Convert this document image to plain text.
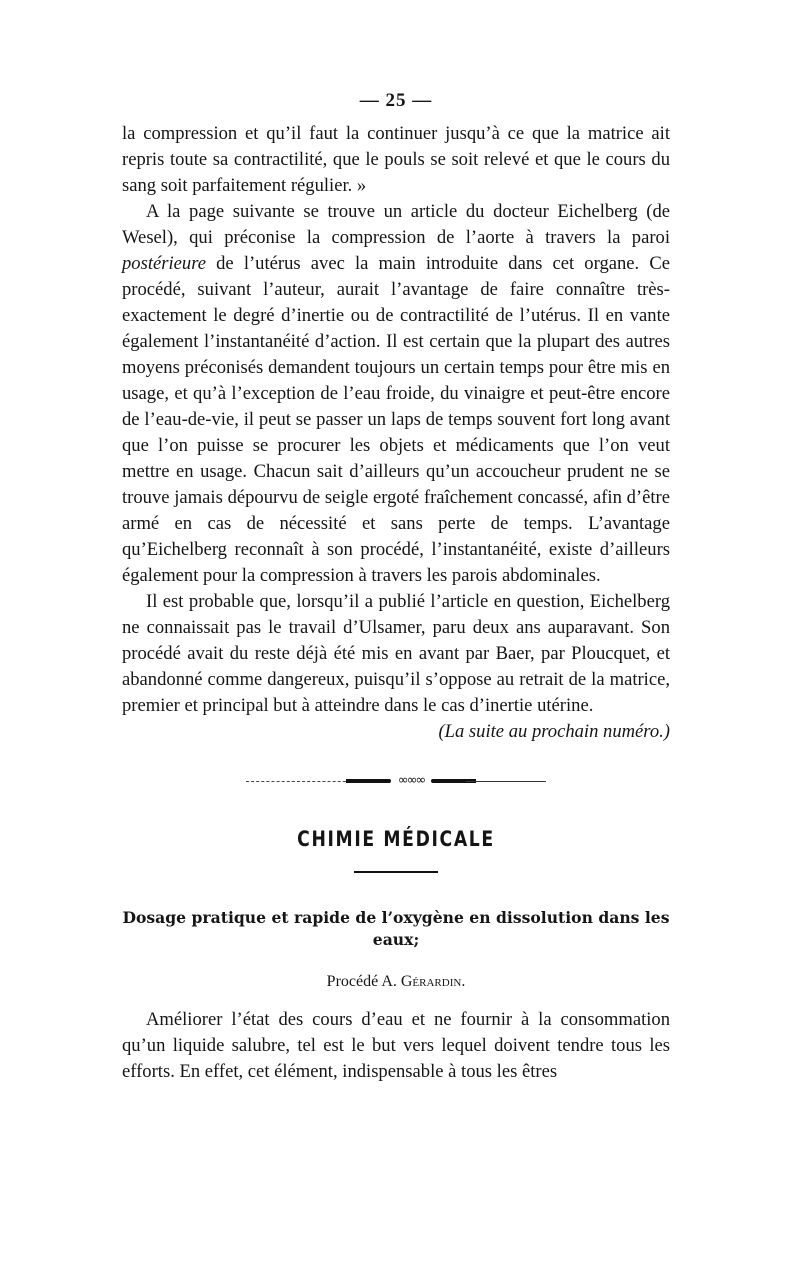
— 25 —

la compression et qu’il faut la continuer jusqu’à ce que la matrice ait repris toute sa contractilité, que le pouls se soit relevé et que le cours du sang soit parfaitement régulier. »

A la page suivante se trouve un article du docteur Eichelberg (de Wesel), qui préconise la compression de l’aorte à travers la paroi postérieure de l’utérus avec la main introduite dans cet organe. Ce procédé, suivant l’auteur, aurait l’avantage de faire connaître très-exactement le degré d’inertie ou de contractilité de l’utérus. Il en vante également l’instantanéité d’action. Il est certain que la plupart des autres moyens préconisés demandent toujours un certain temps pour être mis en usage, et qu’à l’exception de l’eau froide, du vinaigre et peut-être encore de l’eau-de-vie, il peut se passer un laps de temps souvent fort long avant que l’on puisse se procurer les objets et médicaments que l’on veut mettre en usage. Chacun sait d’ailleurs qu’un accoucheur prudent ne se trouve jamais dépourvu de seigle ergoté fraîchement concassé, afin d’être armé en cas de nécessité et sans perte de temps. L’avantage qu’Eichelberg reconnaît à son procédé, l’instantanéité, existe d’ailleurs également pour la compression à travers les parois abdominales.

Il est probable que, lorsqu’il a publié l’article en question, Eichelberg ne connaissait pas le travail d’Ulsamer, paru deux ans auparavant. Son procédé avait du reste déjà été mis en avant par Baer, par Ploucquet, et abandonné comme dangereux, puisqu’il s’oppose au retrait de la matrice, premier et principal but à atteindre dans le cas d’inertie utérine.

(La suite au prochain numéro.)

∞∞∞
CHIMIE MÉDICALE
Dosage pratique et rapide de l’oxygène en dissolution dans les eaux;

Procédé A. Gérardin.

Améliorer l’état des cours d’eau et ne fournir à la consommation qu’un liquide salubre, tel est le but vers lequel doivent tendre tous les efforts. En effet, cet élément, indispensable à tous les êtres
